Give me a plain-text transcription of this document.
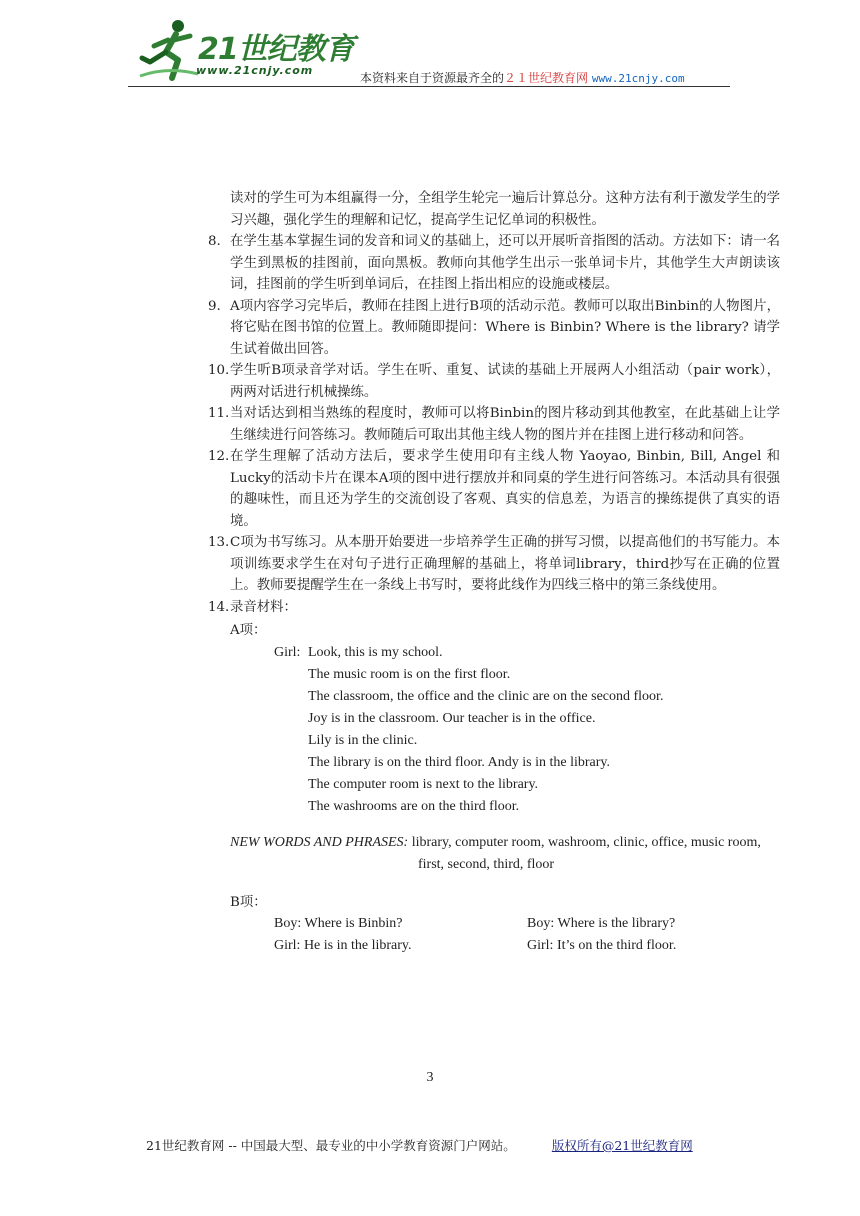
21世纪教育
www.21cnjy.com
本资料来自于资源最齐全的２１世纪教育网 www.21cnjy.com

读对的学生可为本组赢得一分，全组学生轮完一遍后计算总分。这种方法有利于激发学生的学习兴趣，强化学生的理解和记忆，提高学生记忆单词的积极性。

8. 在学生基本掌握生词的发音和词义的基础上，还可以开展听音指图的活动。方法如下：请一名学生到黑板的挂图前，面向黑板。教师向其他学生出示一张单词卡片，其他学生大声朗读该词，挂图前的学生听到单词后，在挂图上指出相应的设施或楼层。
9. A项内容学习完毕后，教师在挂图上进行B项的活动示范。教师可以取出Binbin的人物图片，将它贴在图书馆的位置上。教师随即提问：Where is Binbin? Where is the library? 请学生试着做出回答。
10. 学生听B项录音学对话。学生在听、重复、试读的基础上开展两人小组活动（pair work），两两对话进行机械操练。
11. 当对话达到相当熟练的程度时，教师可以将Binbin的图片移动到其他教室，在此基础上让学生继续进行问答练习。教师随后可取出其他主线人物的图片并在挂图上进行移动和问答。
12. 在学生理解了活动方法后，要求学生使用印有主线人物 Yaoyao, Binbin, Bill, Angel 和 Lucky的活动卡片在课本A项的图中进行摆放并和同桌的学生进行问答练习。本活动具有很强的趣味性，而且还为学生的交流创设了客观、真实的信息差，为语言的操练提供了真实的语境。
13. C项为书写练习。从本册开始要进一步培养学生正确的拼写习惯，以提高他们的书写能力。本项训练要求学生在对句子进行正确理解的基础上，将单词library，third抄写在正确的位置上。教师要提醒学生在一条线上书写时，要将此线作为四线三格中的第三条线使用。
14. 录音材料：
A项：
Girl: Look, this is my school.
The music room is on the first floor.
The classroom, the office and the clinic are on the second floor.
Joy is in the classroom. Our teacher is in the office.
Lily is in the clinic.
The library is on the third floor. Andy is in the library.
The computer room is next to the library.
The washrooms are on the third floor.
NEW WORDS AND PHRASES: library, computer room, washroom, clinic, office, music room,
first, second, third, floor
B项：
Boy: Where is Binbin?
Girl: He is in the library.
Boy: Where is the library?
Girl: It’s on the third floor.
3
21世纪教育网 -- 中国最大型、最专业的中小学教育资源门户网站。	版权所有@21世纪教育网
